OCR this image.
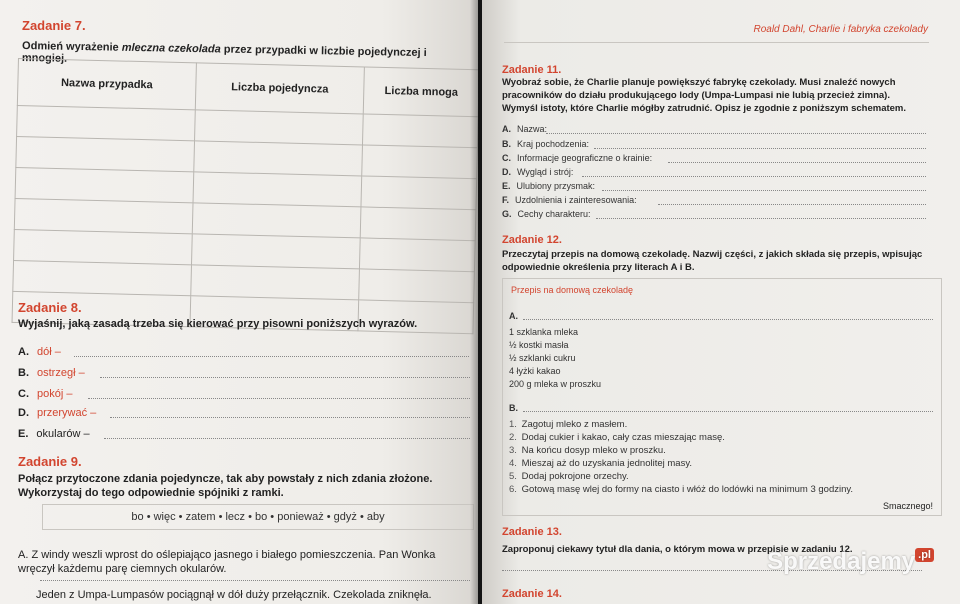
Zadanie 7.
Odmień wyrażenie mleczna czekolada przez przypadki w liczbie pojedynczej i mnogiej.
Nazwa przypadka	Liczba pojedyncza	Liczba mnoga

Zadanie 8.
Wyjaśnij, jaką zasadą trzeba się kierować przy pisowni poniższych wyrazów.
A. dół –
B. ostrzegł –
C. pokój –
D. przerywać –
E. okularów –
Zadanie 9.
Połącz przytoczone zdania pojedyncze, tak aby powstały z nich zdania złożone. Wykorzystaj do tego odpowiednie spójniki z ramki.
bo • więc • zatem • lecz • bo • ponieważ • gdyż • aby
A. Z windy weszli wprost do oślepiająco jasnego i białego pomieszczenia. Pan Wonka wręczył każdemu parę ciemnych okularów.
Jeden z Umpa-Lumpasów pociągnął w dół duży przełącznik. Czekolada zniknęła.
Roald Dahl, Charlie i fabryka czekolady
Zadanie 11.
Wyobraź sobie, że Charlie planuje powiększyć fabrykę czekolady. Musi znaleźć nowych pracowników do działu produkującego lody (Umpa-Lumpasi nie lubią przecież zimna). Wymyśl istoty, które Charlie mógłby zatrudnić. Opisz je zgodnie z poniższym schematem.
A. Nazwa:
B. Kraj pochodzenia:
C. Informacje geograficzne o krainie:
D. Wygląd i strój:
E. Ulubiony przysmak:
F. Uzdolnienia i zainteresowania:
G. Cechy charakteru:
Zadanie 12.
Przeczytaj przepis na domową czekoladę. Nazwij części, z jakich składa się przepis, wpisując odpowiednie określenia przy literach A i B.
Przepis na domową czekoladę
A.
1 szklanka mleka
½ kostki masła
½ szklanki cukru
4 łyżki kakao
200 g mleka w proszku
B.
1. Zagotuj mleko z masłem.
2. Dodaj cukier i kakao, cały czas mieszając masę.
3. Na końcu dosyp mleko w proszku.
4. Mieszaj aż do uzyskania jednolitej masy.
5. Dodaj pokrojone orzechy.
6. Gotową masę wlej do formy na ciasto i włóż do lodówki na minimum 3 godziny.
Smacznego!
Zadanie 13.
Zaproponuj ciekawy tytuł dla dania, o którym mowa w przepisie w zadaniu 12.
Zadanie 14.
Sprzedajemy .pl
